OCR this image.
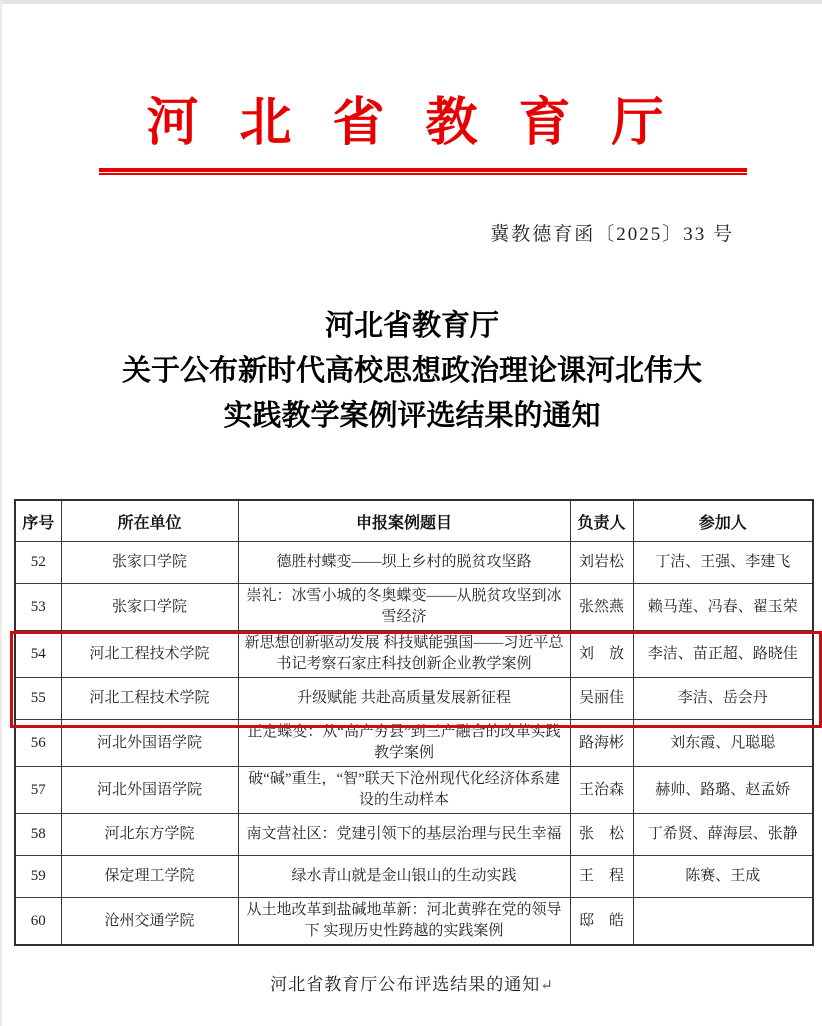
河 北 省 教 育 厅
冀教德育函〔2025〕33 号
河北省教育厅
关于公布新时代高校思想政治理论课河北伟大
实践教学案例评选结果的通知
序号	所在单位	申报案例题目	负责人	参加人
52	张家口学院	德胜村蝶变——坝上乡村的脱贫攻坚路	刘岩松	丁洁、王强、李建飞
53	张家口学院	崇礼：冰雪小城的冬奥蝶变——从脱贫攻坚到冰雪经济	张然燕	赖马莲、冯春、翟玉荣
54	河北工程技术学院	新思想创新驱动发展 科技赋能强国——习近平总书记考察石家庄科技创新企业教学案例	刘　放	李洁、苗正超、路晓佳
55	河北工程技术学院	升级赋能 共赴高质量发展新征程	吴丽佳	李洁、岳会丹
56	河北外国语学院	正定蝶变：从“高产穷县”到三产融合的改革实践教学案例	路海彬	刘东霞、凡聪聪
57	河北外国语学院	破“碱”重生，“智”联天下沧州现代化经济体系建设的生动样本	王治森	赫帅、路璐、赵孟娇
58	河北东方学院	南文营社区：党建引领下的基层治理与民生幸福	张　松	丁希贤、薛海层、张静
59	保定理工学院	绿水青山就是金山银山的生动实践	王　程	陈赛、王成
60	沧州交通学院	从土地改革到盐碱地革新：河北黄骅在党的领导下 实现历史性跨越的实践案例	邸　皓	
河北省教育厅公布评选结果的通知↵
